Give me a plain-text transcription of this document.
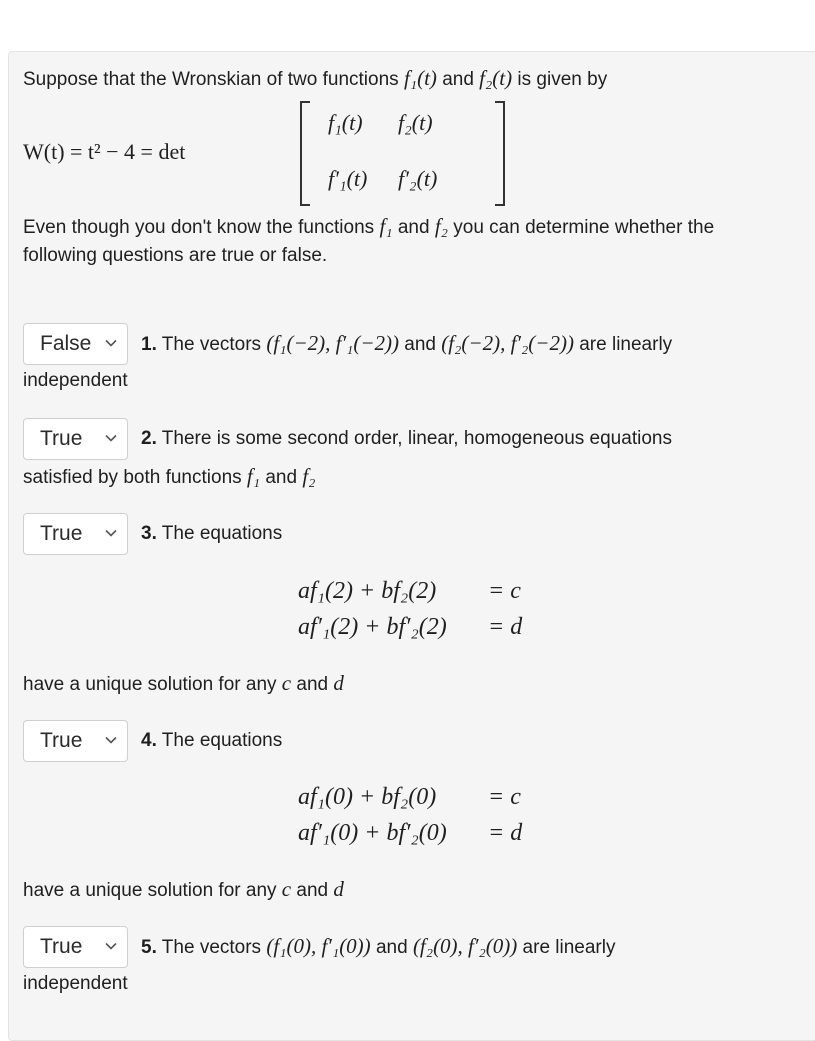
Suppose that the Wronskian of two functions f₁(t) and f₂(t) is given by
W(t) = t² − 4 = det
f₁(t) f₂(t)
f′₁(t) f′₂(t)
Even though you don't know the functions f₁ and f₂ you can determine whether the
following questions are true or false.
False	1. The vectors (f₁(−2), f′₁(−2)) and (f₂(−2), f′₂(−2)) are linearly
independent
True	2. There is some second order, linear, homogeneous equations
satisfied by both functions f₁ and f₂
True	3. The equations
af₁(2) + bf₂(2) = c
af′₁(2) + bf′₂(2) = d
have a unique solution for any c and d
True	4. The equations
af₁(0) + bf₂(0) = c
af′₁(0) + bf′₂(0) = d
have a unique solution for any c and d
True	5. The vectors (f₁(0), f′₁(0)) and (f₂(0), f′₂(0)) are linearly
independent
